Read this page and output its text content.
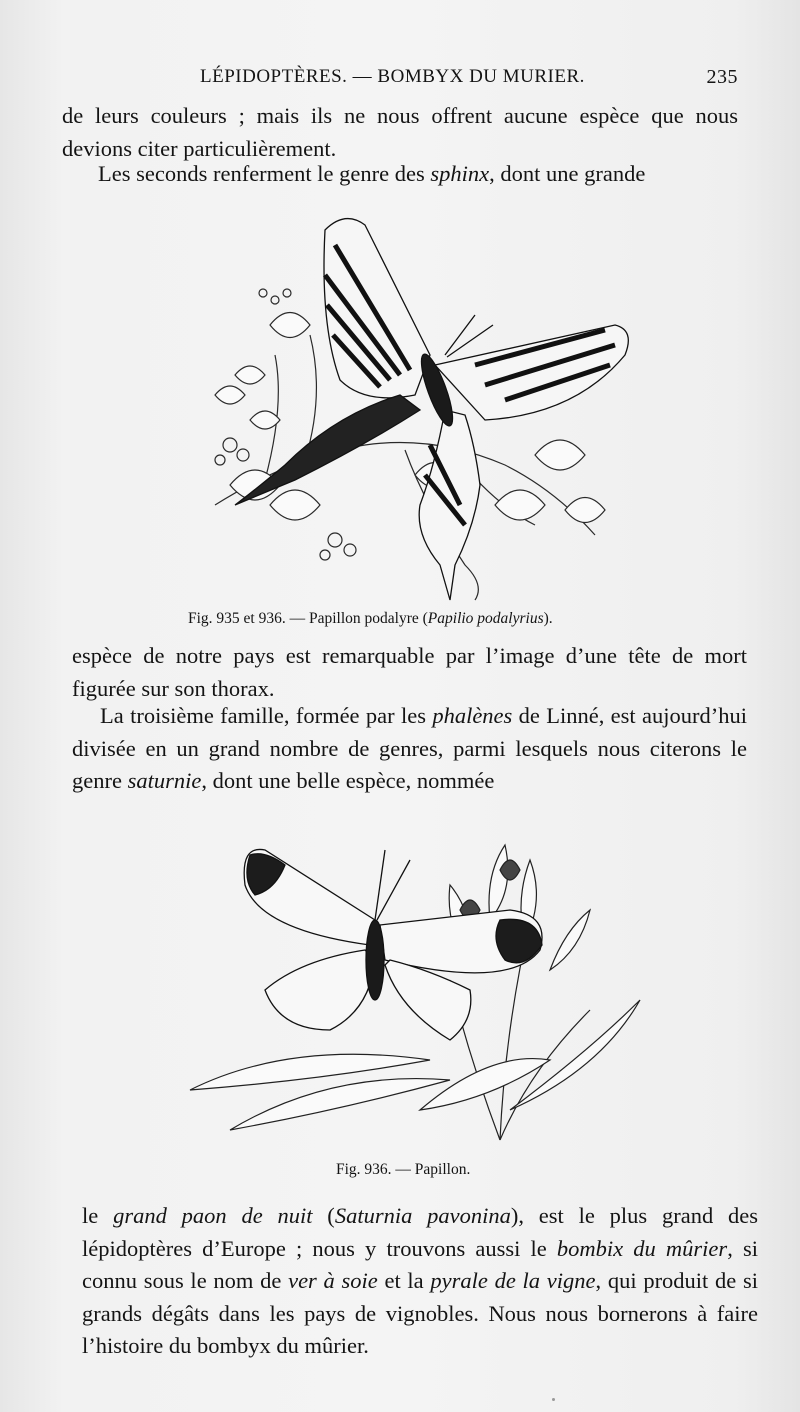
LÉPIDOPTÈRES. — BOMBYX DU MURIER.	235

de leurs couleurs ; mais ils ne nous offrent aucune espèce que nous devions citer particulièrement.

Les seconds renferment le genre des sphinx, dont une grande

Fig. 935 et 936. — Papillon podalyre (Papilio podalyrius).

espèce de notre pays est remarquable par l’image d’une tête de mort figurée sur son thorax.

La troisième famille, formée par les phalènes de Linné, est aujourd’hui divisée en un grand nombre de genres, parmi lesquels nous citerons le genre saturnie, dont une belle espèce, nommée

Fig. 936. — Papillon.

le grand paon de nuit (Saturnia pavonina), est le plus grand des lépidoptères d’Europe ; nous y trouvons aussi le bombix du mûrier, si connu sous le nom de ver à soie et la pyrale de la vigne, qui produit de si grands dégâts dans les pays de vignobles. Nous nous bornerons à faire l’histoire du bombyx du mûrier.
